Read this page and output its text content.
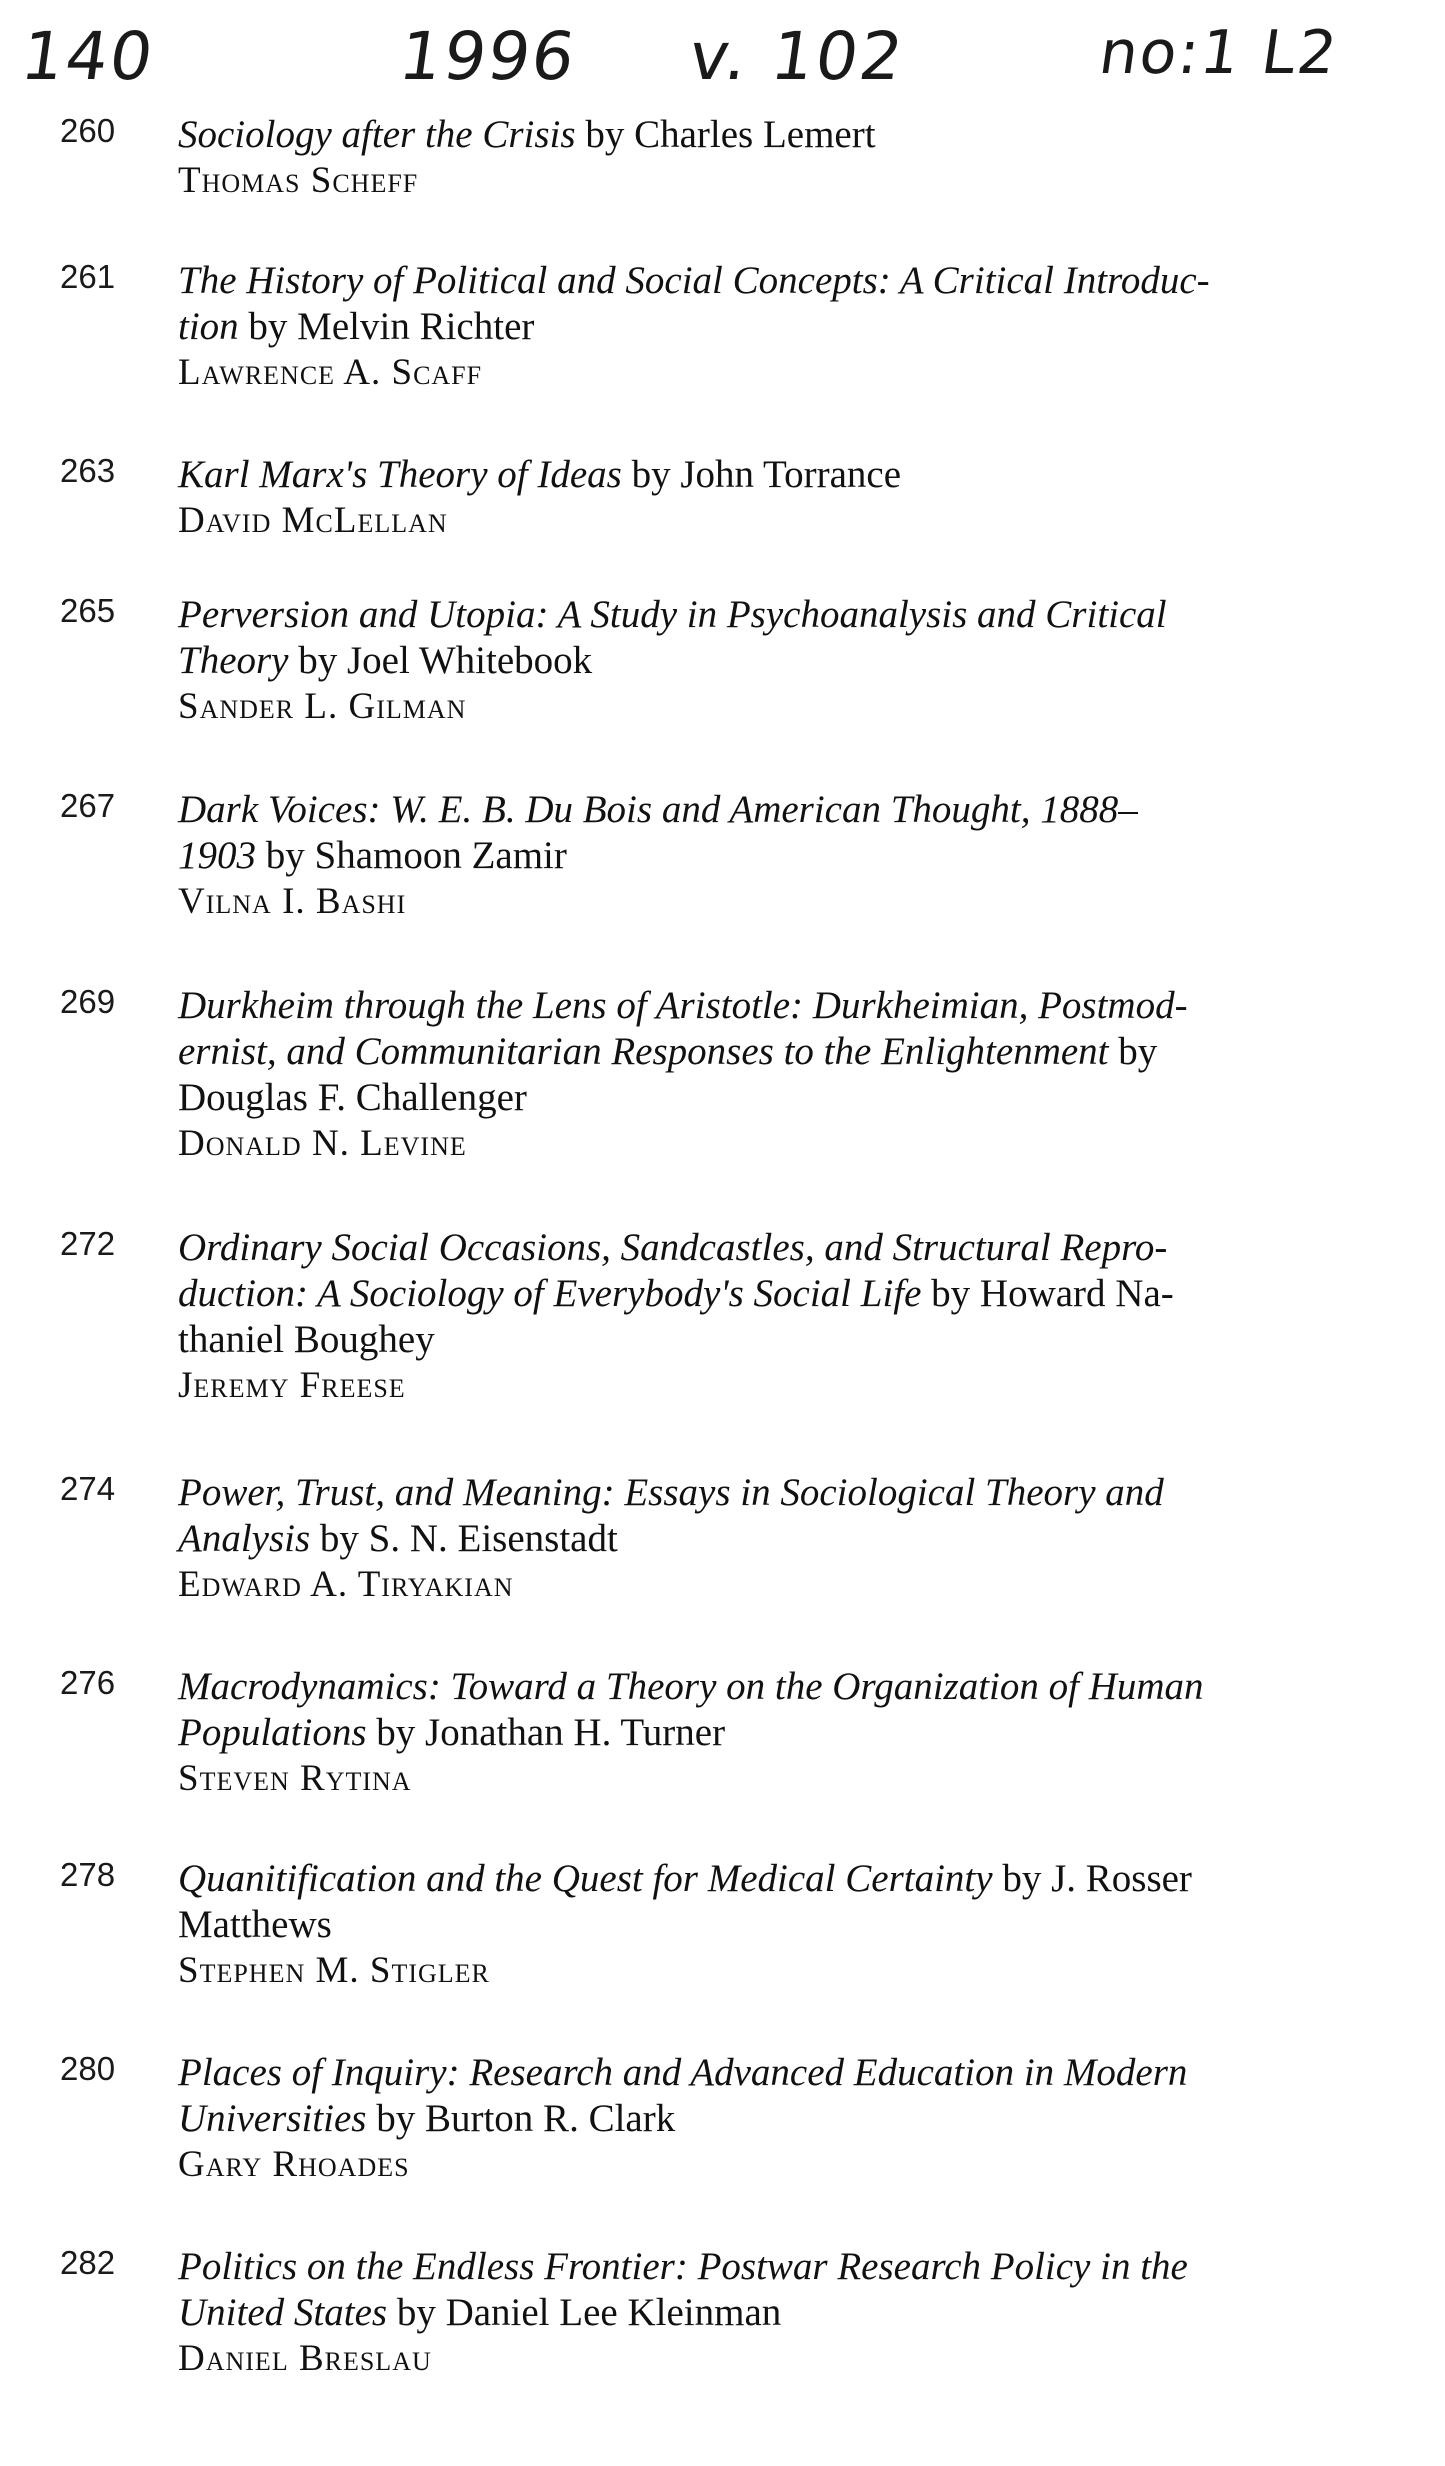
140	1996 v. 102	no:1 L2
260	Sociology after the Crisis by Charles Lemert
Thomas Scheff
261	The History of Political and Social Concepts: A Critical Introduc-
tion by Melvin Richter
Lawrence A. Scaff
263	Karl Marx's Theory of Ideas by John Torrance
David McLellan
265	Perversion and Utopia: A Study in Psychoanalysis and Critical
Theory by Joel Whitebook
Sander L. Gilman
267	Dark Voices: W. E. B. Du Bois and American Thought, 1888–
1903 by Shamoon Zamir
Vilna I. Bashi
269	Durkheim through the Lens of Aristotle: Durkheimian, Postmod-
ernist, and Communitarian Responses to the Enlightenment by
Douglas F. Challenger
Donald N. Levine
272	Ordinary Social Occasions, Sandcastles, and Structural Repro-
duction: A Sociology of Everybody's Social Life by Howard Na-
thaniel Boughey
Jeremy Freese
274	Power, Trust, and Meaning: Essays in Sociological Theory and
Analysis by S. N. Eisenstadt
Edward A. Tiryakian
276	Macrodynamics: Toward a Theory on the Organization of Human
Populations by Jonathan H. Turner
Steven Rytina
278	Quanitification and the Quest for Medical Certainty by J. Rosser
Matthews
Stephen M. Stigler
280	Places of Inquiry: Research and Advanced Education in Modern
Universities by Burton R. Clark
Gary Rhoades
282	Politics on the Endless Frontier: Postwar Research Policy in the
United States by Daniel Lee Kleinman
Daniel Breslau
